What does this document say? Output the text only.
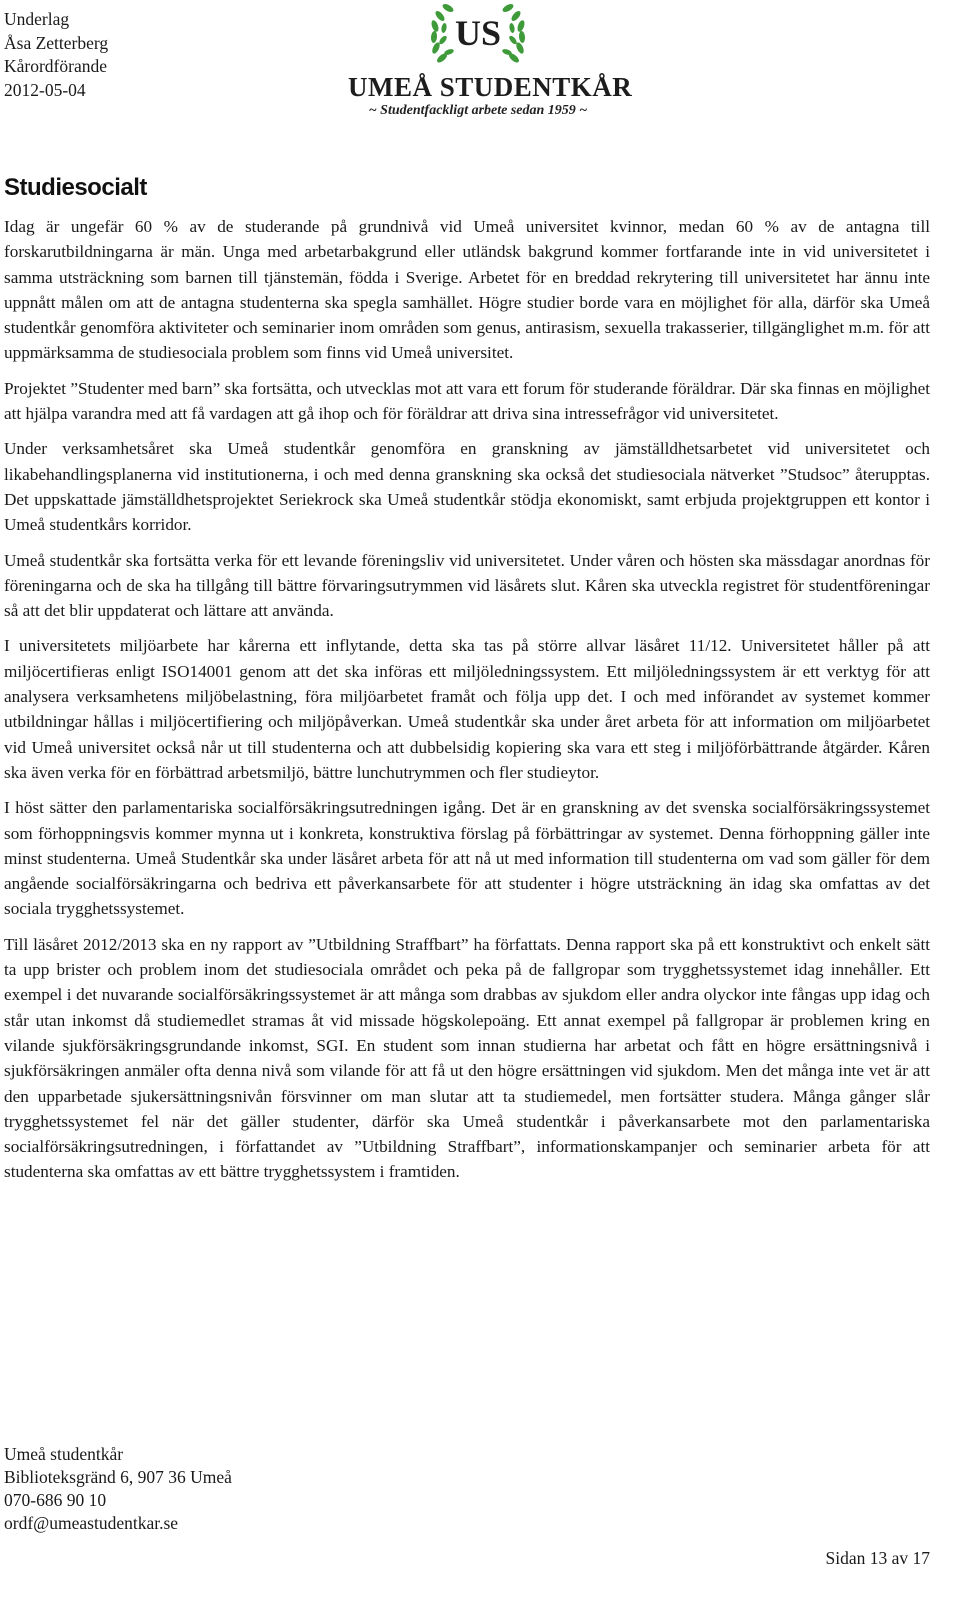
Underlag
Åsa Zetterberg
Kårordförande
2012-05-04
US
UMEÅ STUDENTKÅR
~ Studentfackligt arbete sedan 1959 ~
Studiesocialt

Idag är ungefär 60 % av de studerande på grundnivå vid Umeå universitet kvinnor, medan 60 % av de antagna till forskarutbildningarna är män. Unga med arbetarbakgrund eller utländsk bakgrund kommer fortfarande inte in vid universitetet i samma utsträckning som barnen till tjänstemän, födda i Sverige. Arbetet för en breddad rekrytering till universitetet har ännu inte uppnått målen om att de antagna studenterna ska spegla samhället. Högre studier borde vara en möjlighet för alla, därför ska Umeå studentkår genomföra aktiviteter och seminarier inom områden som genus, antirasism, sexuella trakasserier, tillgänglighet m.m. för att uppmärksamma de studiesociala problem som finns vid Umeå universitet.

Projektet ”Studenter med barn” ska fortsätta, och utvecklas mot att vara ett forum för studerande föräldrar. Där ska finnas en möjlighet att hjälpa varandra med att få vardagen att gå ihop och för föräldrar att driva sina intressefrågor vid universitetet.

Under verksamhetsåret ska Umeå studentkår genomföra en granskning av jämställdhetsarbetet vid universitetet och likabehandlingsplanerna vid institutionerna, i och med denna granskning ska också det studiesociala nätverket ”Studsoc” återupptas. Det uppskattade jämställdhetsprojektet Seriekrock ska Umeå studentkår stödja ekonomiskt, samt erbjuda projektgruppen ett kontor i Umeå studentkårs korridor.

Umeå studentkår ska fortsätta verka för ett levande föreningsliv vid universitetet. Under våren och hösten ska mässdagar anordnas för föreningarna och de ska ha tillgång till bättre förvaringsutrymmen vid läsårets slut. Kåren ska utveckla registret för studentföreningar så att det blir uppdaterat och lättare att använda.

I universitetets miljöarbete har kårerna ett inflytande, detta ska tas på större allvar läsåret 11/12. Universitetet håller på att miljöcertifieras enligt ISO14001 genom att det ska införas ett miljöledningssystem. Ett miljöledningssystem är ett verktyg för att analysera verksamhetens miljöbelastning, föra miljöarbetet framåt och följa upp det. I och med införandet av systemet kommer utbildningar hållas i miljöcertifiering och miljöpåverkan. Umeå studentkår ska under året arbeta för att information om miljöarbetet vid Umeå universitet också når ut till studenterna och att dubbelsidig kopiering ska vara ett steg i miljöförbättrande åtgärder. Kåren ska även verka för en förbättrad arbetsmiljö, bättre lunchutrymmen och fler studieytor.

I höst sätter den parlamentariska socialförsäkringsutredningen igång. Det är en granskning av det svenska socialförsäkringssystemet som förhoppningsvis kommer mynna ut i konkreta, konstruktiva förslag på förbättringar av systemet. Denna förhoppning gäller inte minst studenterna. Umeå Studentkår ska under läsåret arbeta för att nå ut med information till studenterna om vad som gäller för dem angående socialförsäkringarna och bedriva ett påverkansarbete för att studenter i högre utsträckning än idag ska omfattas av det sociala trygghetssystemet.

Till läsåret 2012/2013 ska en ny rapport av ”Utbildning Straffbart” ha författats. Denna rapport ska på ett konstruktivt och enkelt sätt ta upp brister och problem inom det studiesociala området och peka på de fallgropar som trygghetssystemet idag innehåller. Ett exempel i det nuvarande socialförsäkringssystemet är att många som drabbas av sjukdom eller andra olyckor inte fångas upp idag och står utan inkomst då studiemedlet stramas åt vid missade högskolepoäng. Ett annat exempel på fallgropar är problemen kring en vilande sjukförsäkringsgrundande inkomst, SGI. En student som innan studierna har arbetat och fått en högre ersättningsnivå i sjukförsäkringen anmäler ofta denna nivå som vilande för att få ut den högre ersättningen vid sjukdom. Men det många inte vet är att den upparbetade sjukersättningsnivån försvinner om man slutar att ta studiemedel, men fortsätter studera. Många gånger slår trygghetssystemet fel när det gäller studenter, därför ska Umeå studentkår i påverkansarbete mot den parlamentariska socialförsäkringsutredningen, i författandet av ”Utbildning Straffbart”, informationskampanjer och seminarier arbeta för att studenterna ska omfattas av ett bättre trygghetssystem i framtiden.

Umeå studentkår
Biblioteksgränd 6, 907 36 Umeå
070-686 90 10
ordf@umeastudentkar.se
Sidan 13 av 17
